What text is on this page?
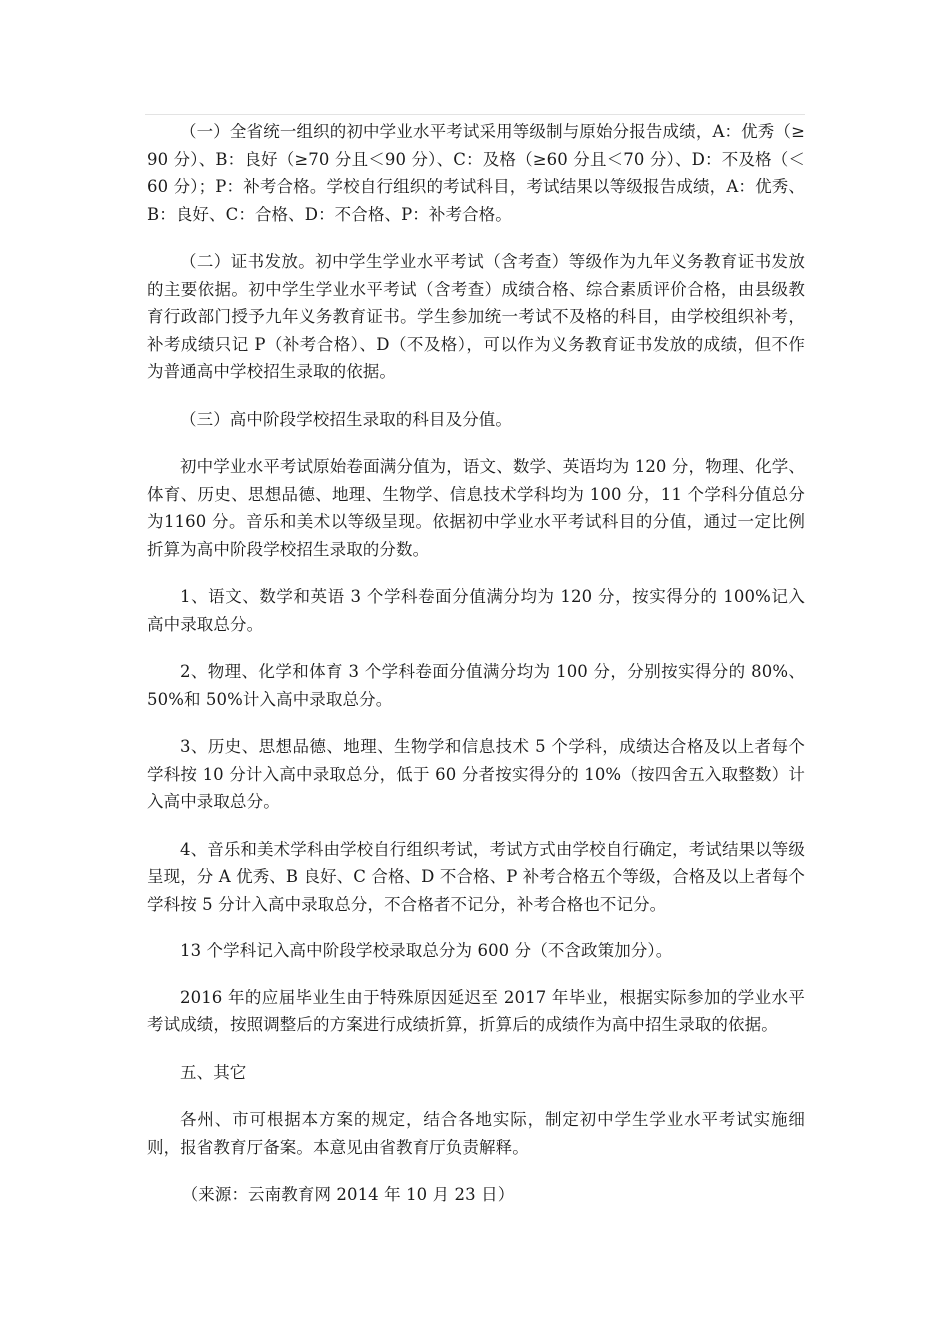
（一）全省统一组织的初中学业水平考试采用等级制与原始分报告成绩，A：优秀（≥90 分）、B：良好（≥70 分且＜90 分）、C：及格（≥60 分且＜70 分）、D：不及格（＜60 分）；P：补考合格。学校自行组织的考试科目，考试结果以等级报告成绩，A：优秀、B：良好、C：合格、D：不合格、P：补考合格。

（二）证书发放。初中学生学业水平考试（含考查）等级作为九年义务教育证书发放的主要依据。初中学生学业水平考试（含考查）成绩合格、综合素质评价合格，由县级教育行政部门授予九年义务教育证书。学生参加统一考试不及格的科目，由学校组织补考，补考成绩只记 P（补考合格）、D（不及格），可以作为义务教育证书发放的成绩，但不作为普通高中学校招生录取的依据。

（三）高中阶段学校招生录取的科目及分值。

初中学业水平考试原始卷面满分值为，语文、数学、英语均为 120 分，物理、化学、体育、历史、思想品德、地理、生物学、信息技术学科均为 100 分，11 个学科分值总分为1160 分。音乐和美术以等级呈现。依据初中学业水平考试科目的分值，通过一定比例折算为高中阶段学校招生录取的分数。

1、语文、数学和英语 3 个学科卷面分值满分均为 120 分，按实得分的 100%记入高中录取总分。

2、物理、化学和体育 3 个学科卷面分值满分均为 100 分，分别按实得分的 80%、50%和 50%计入高中录取总分。

3、历史、思想品德、地理、生物学和信息技术 5 个学科，成绩达合格及以上者每个学科按 10 分计入高中录取总分，低于 60 分者按实得分的 10%（按四舍五入取整数）计入高中录取总分。

4、音乐和美术学科由学校自行组织考试，考试方式由学校自行确定，考试结果以等级呈现，分 A 优秀、B 良好、C 合格、D 不合格、P 补考合格五个等级，合格及以上者每个学科按 5 分计入高中录取总分，不合格者不记分，补考合格也不记分。

13 个学科记入高中阶段学校录取总分为 600 分（不含政策加分）。

2016 年的应届毕业生由于特殊原因延迟至 2017 年毕业，根据实际参加的学业水平考试成绩，按照调整后的方案进行成绩折算，折算后的成绩作为高中招生录取的依据。

五、其它

各州、市可根据本方案的规定，结合各地实际，制定初中学生学业水平考试实施细则，报省教育厅备案。本意见由省教育厅负责解释。

（来源：云南教育网 2014 年 10 月 23 日）
